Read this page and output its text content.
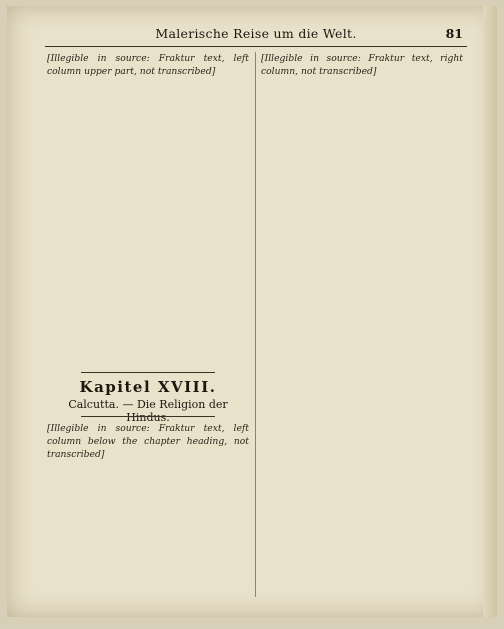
Malerische Reise um die Welt.	81

[Illegible in source: Fraktur text, left column upper part, not transcribed]

Kapitel XVIII.
Calcutta. — Die Religion der Hindus.

[Illegible in source: Fraktur text, left column below the chapter heading, not transcribed]

[Illegible in source: Fraktur text, right column, not transcribed]
